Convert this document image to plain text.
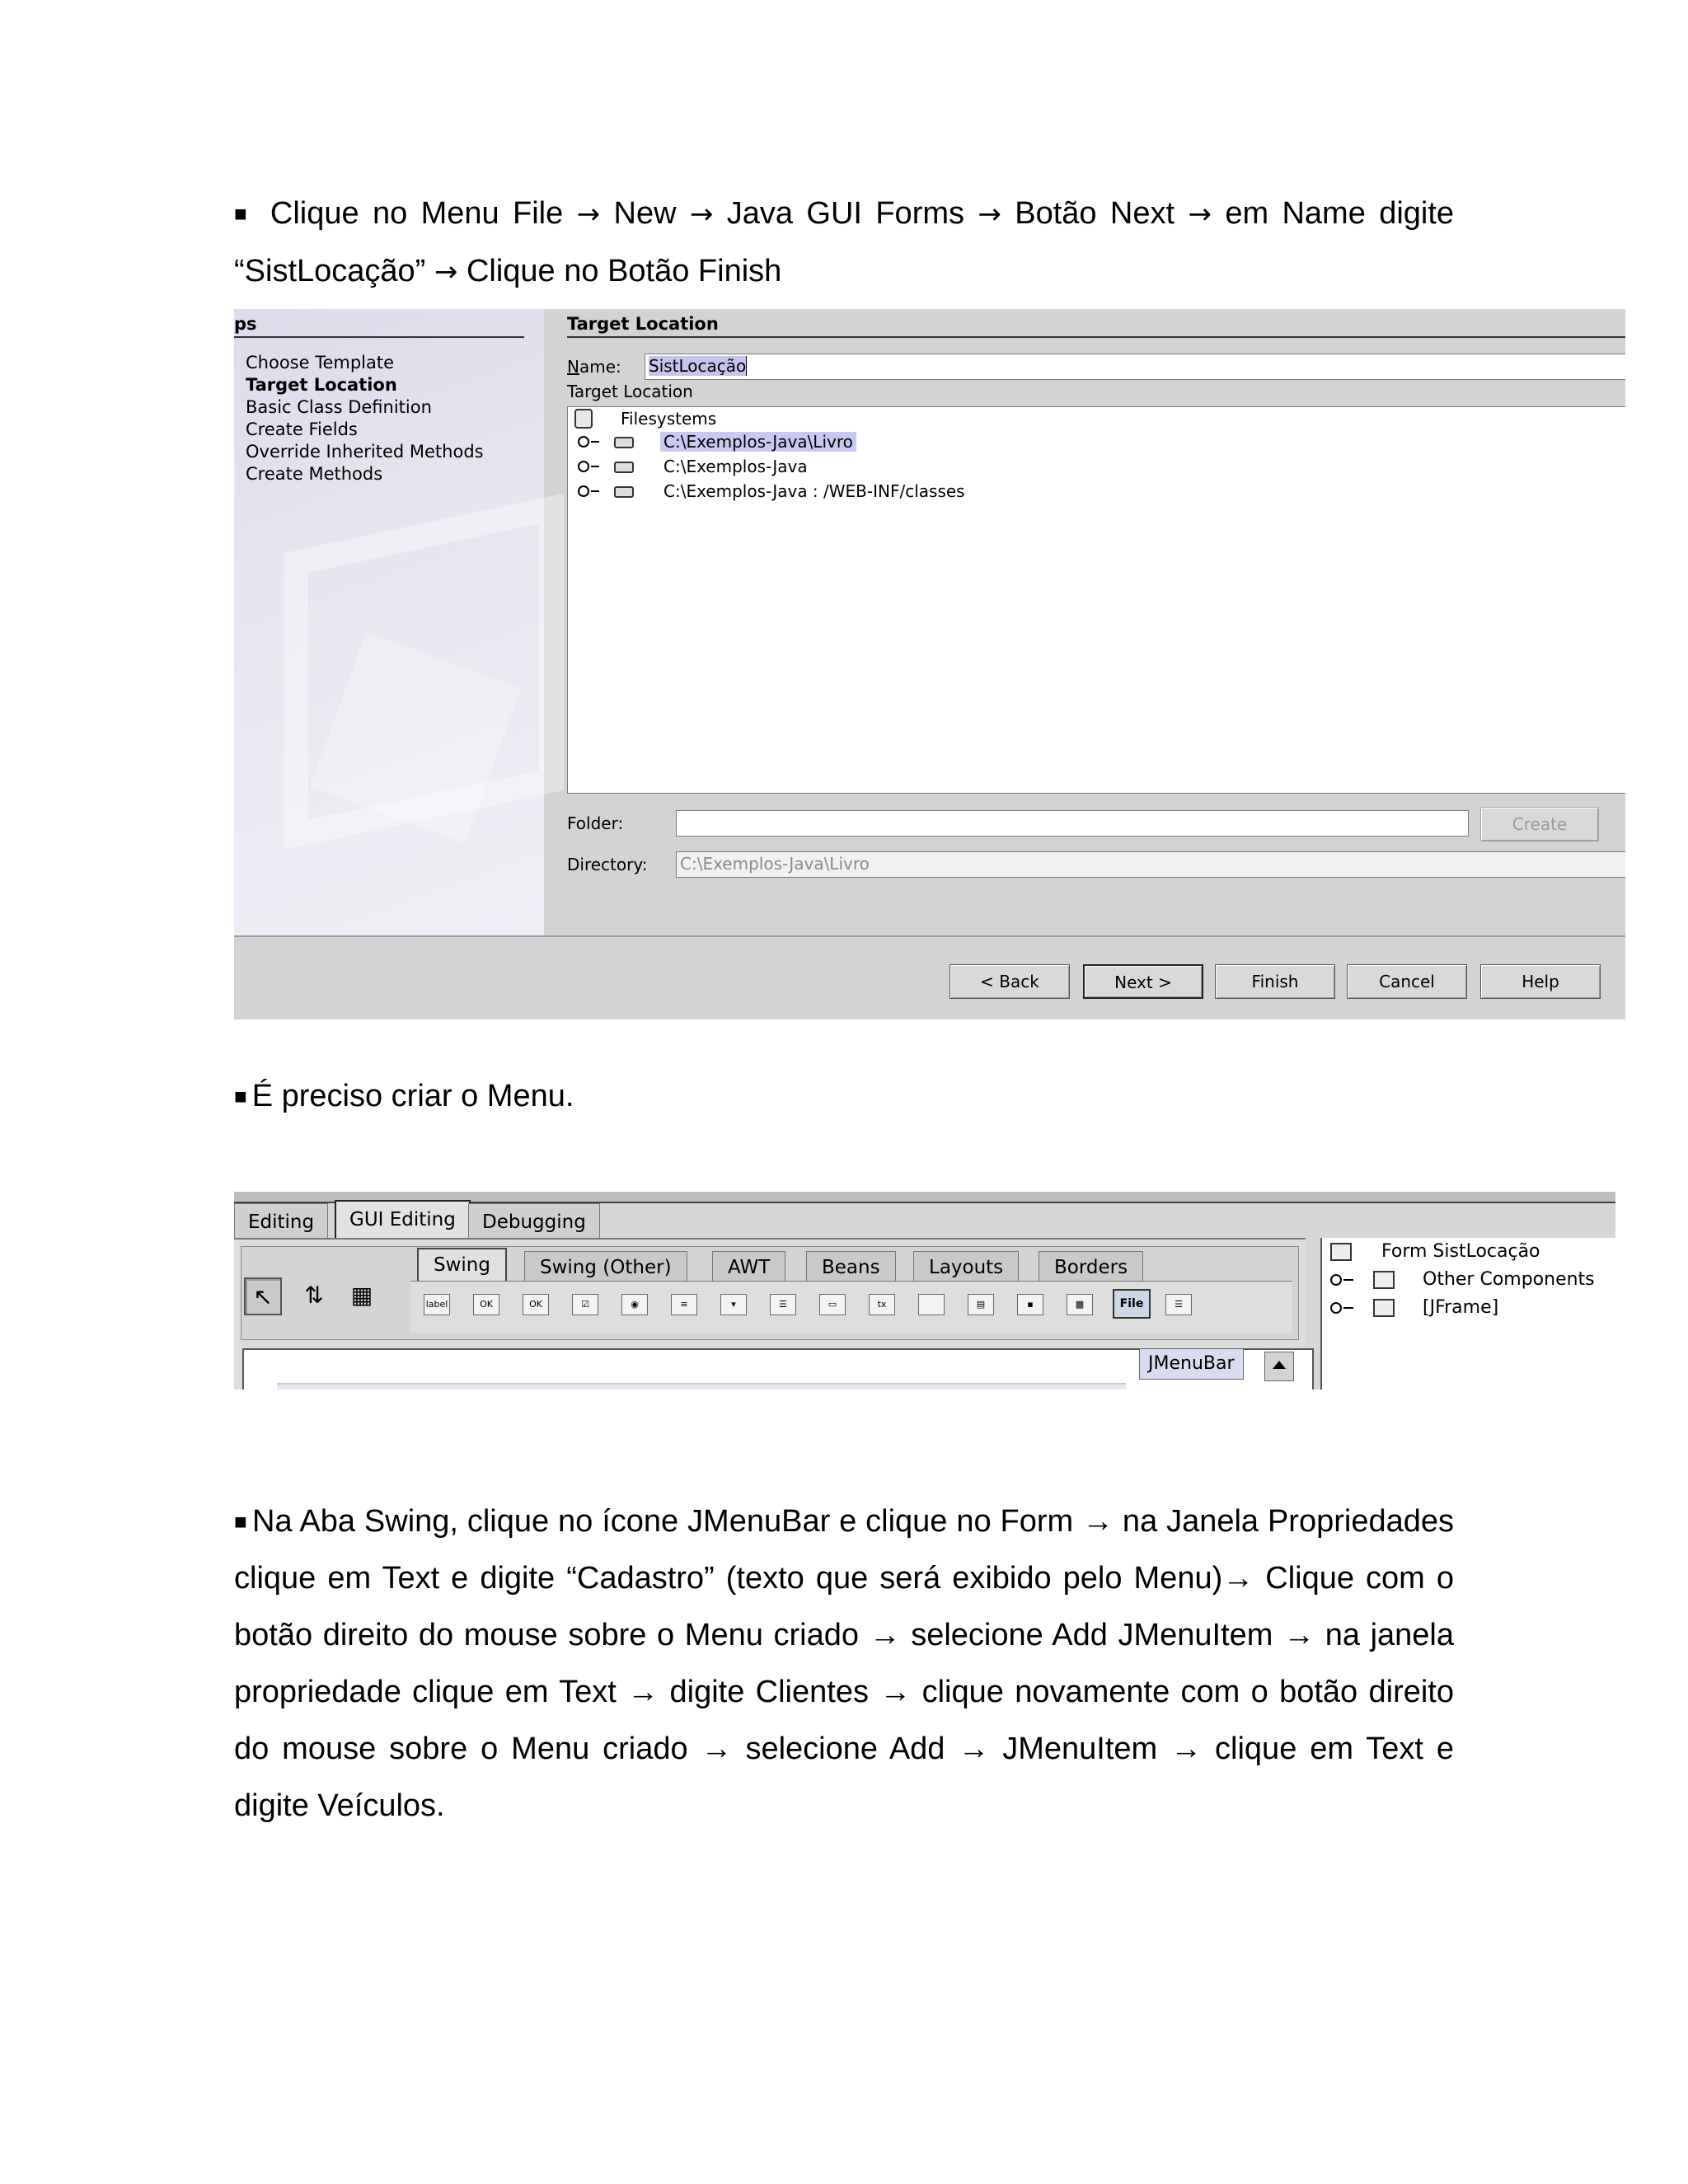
■ Clique no Menu File → New → Java GUI Forms → Botão Next → em Name digite “SistLocação” → Clique no Botão Finish

ps
Choose Template
Target Location
Basic Class Definition
Create Fields
Override Inherited Methods
Create Methods
Target Location
Name: SistLocação
Target Location
Filesystems
C:\Exemplos-Java\Livro
C:\Exemplos-Java
C:\Exemplos-Java : /WEB-INF/classes
Folder:	Create
Directory: C:\Exemplos-Java\Livro
< Back	Next >	Finish	Cancel	Help

■ É preciso criar o Menu.

Editing	GUI Editing	Debugging
↖	⇅	▦
Swing	Swing (Other)	AWT	Beans	Layouts	Borders
label	OK	OK	☑	◉	≡	▾	☰	▭	tx	▤	▪	▩	File	☰
JMenuBar
Form SistLocação
Other Components
[JFrame]

■ Na Aba Swing, clique no ícone JMenuBar e clique no Form → na Janela Propriedades clique em Text e digite “Cadastro” (texto que será exibido pelo Menu)→ Clique com o botão direito do mouse sobre o Menu criado → selecione Add JMenuItem → na janela propriedade clique em Text → digite Clientes → clique novamente com o botão direito do mouse sobre o Menu criado → selecione Add → JMenuItem → clique em Text e digite Veículos.
